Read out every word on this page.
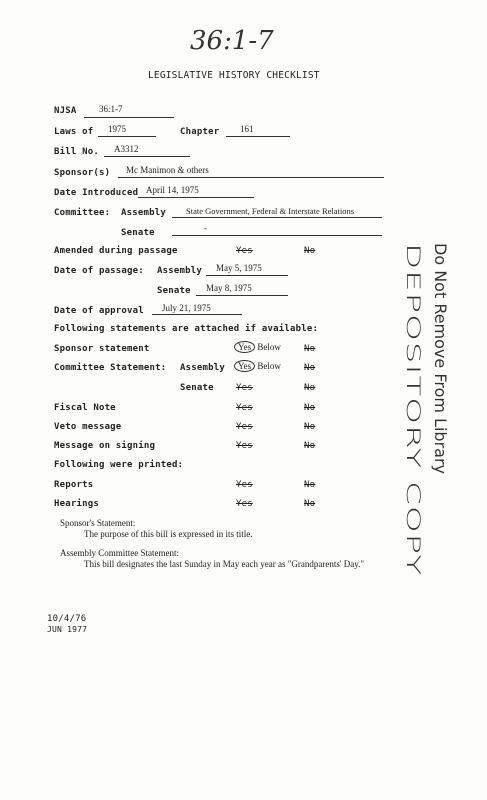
36:1-7
LEGISLATIVE HISTORY CHECKLIST
NJSA	36:1-7
Laws of 1975	Chapter 161
Bill No. A3312
Sponsor(s) Mc Manimon & others
Date Introduced April 14, 1975
Committee: Assembly State Government, Federal & Interstate Relations
Senate	-
Amended during passage	Yes	No
Date of passage: Assembly May 5, 1975
Senate May 8, 1975
Date of approval July 21, 1975
Following statements are attached if available:
Sponsor statement	Yes Below	No
Committee Statement: Assembly	Yes Below	No
Senate Yes	No
Fiscal Note	Yes	No
Veto message	Yes	No
Message on signing	Yes	No
Following were printed:
Reports	Yes	No
Hearings	Yes	No	DEPOSITORY COPY Do Not Remove From Library
Sponsor's Statement:
The purpose of this bill is expressed in its title.
Assembly Committee Statement:
This bill designates the last Sunday in May each year as "Grandparents' Day."
10/4/76
JUN 1977
